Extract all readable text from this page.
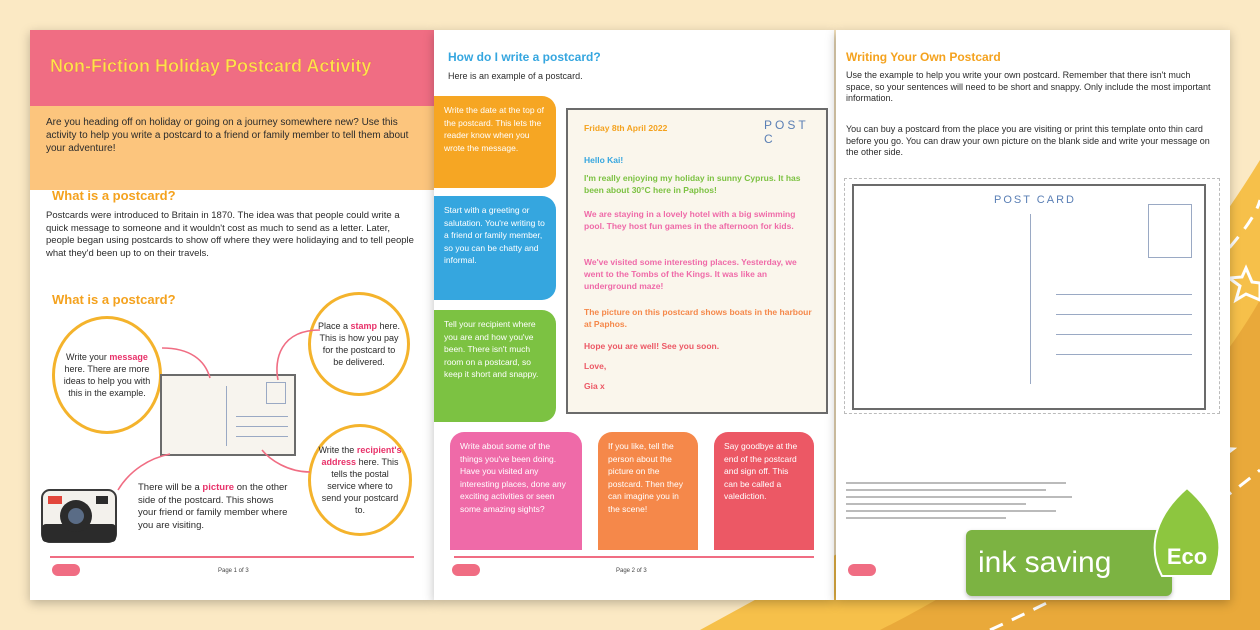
Non-Fiction Holiday Postcard Activity
Are you heading off on holiday or going on a journey somewhere new? Use this activity to help you write a postcard to a friend or family member to tell them about your adventure!
What is a postcard?
Postcards were introduced to Britain in 1870. The idea was that people could write a quick message to someone and it wouldn't cost as much to send as a letter. Later, people began using postcards to show off where they were holidaying and to tell people what they'd been up to on their travels.
What is a postcard?
Write your message here. There are more ideas to help you with this in the example.
Place a stamp here. This is how you pay for the postcard to be delivered.
Write the recipient's address here. This tells the postal service where to send your postcard to.
There will be a picture on the other side of the postcard. This shows your friend or family member where you are visiting.
Page 1 of 3
How do I write a postcard?
Here is an example of a postcard.
Write the date at the top of the postcard. This lets the reader know when you wrote the message.
Start with a greeting or salutation. You're writing to a friend or family member, so you can be chatty and informal.
Tell your recipient where you are and how you've been. There isn't much room on a postcard, so keep it short and snappy.
Write about some of the things you've been doing. Have you visited any interesting places, done any exciting activities or seen some amazing sights?
If you like, tell the person about the picture on the postcard. Then they can imagine you in the scene!
Say goodbye at the end of the postcard and sign off. This can be called a valediction.
Page 2 of 3
POST C
Friday 8th April 2022
Hello Kai!
I'm really enjoying my holiday in sunny Cyprus. It has been about 30°C here in Paphos!
We are staying in a lovely hotel with a big swimming pool. They host fun games in the afternoon for kids.
We've visited some interesting places. Yesterday, we went to the Tombs of the Kings. It was like an underground maze!
The picture on this postcard shows boats in the harbour at Paphos.
Hope you are well! See you soon.
Love,
Gia x
Writing Your Own Postcard
Use the example to help you write your own postcard. Remember that there isn't much space, so your sentences will need to be short and snappy. Only include the most important information.
You can buy a postcard from the place you are visiting or print this template onto thin card before you go. You can draw your own picture on the blank side and write your message on the other side.
POST CARD
ink saving	Eco
